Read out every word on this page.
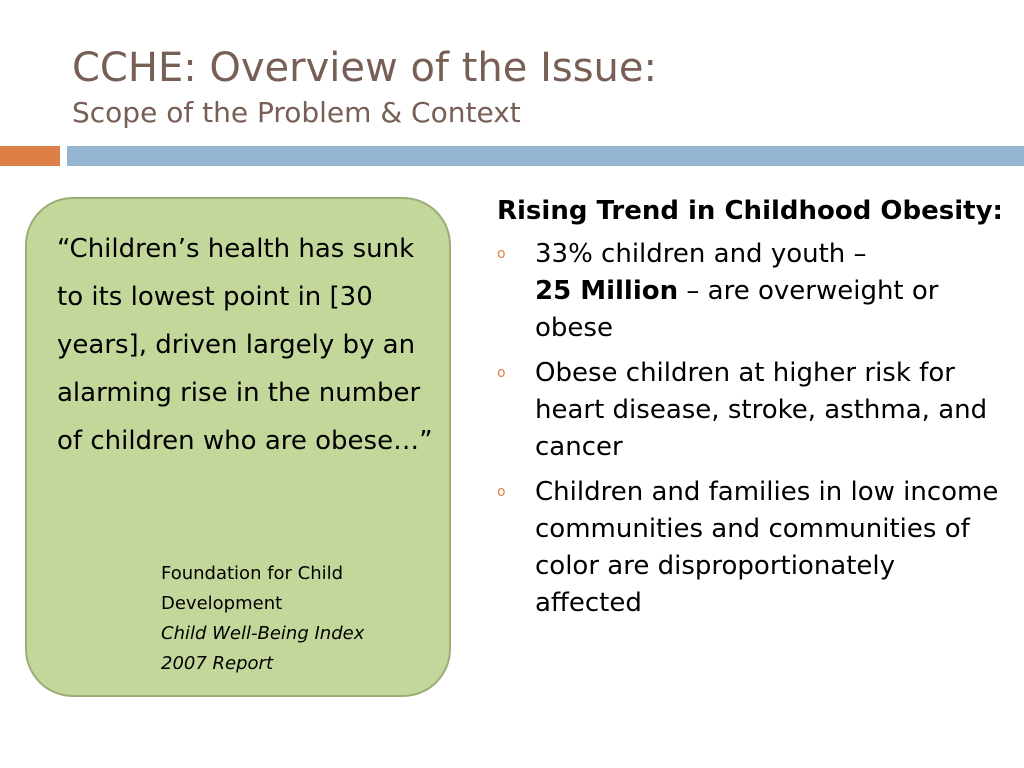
CCHE: Overview of the Issue:
Scope of the Problem & Context
“Children’s health has sunk to its lowest point in [30 years], driven largely by an alarming rise in the number of children who are obese…”
Foundation for Child
Development
Child Well-Being Index
2007 Report
Rising Trend in Childhood Obesity:
o 33% children and youth –
25 Million – are overweight or obese
o Obese children at higher risk for heart disease, stroke, asthma, and cancer
o Children and families in low income communities and communities of color are disproportionately affected
